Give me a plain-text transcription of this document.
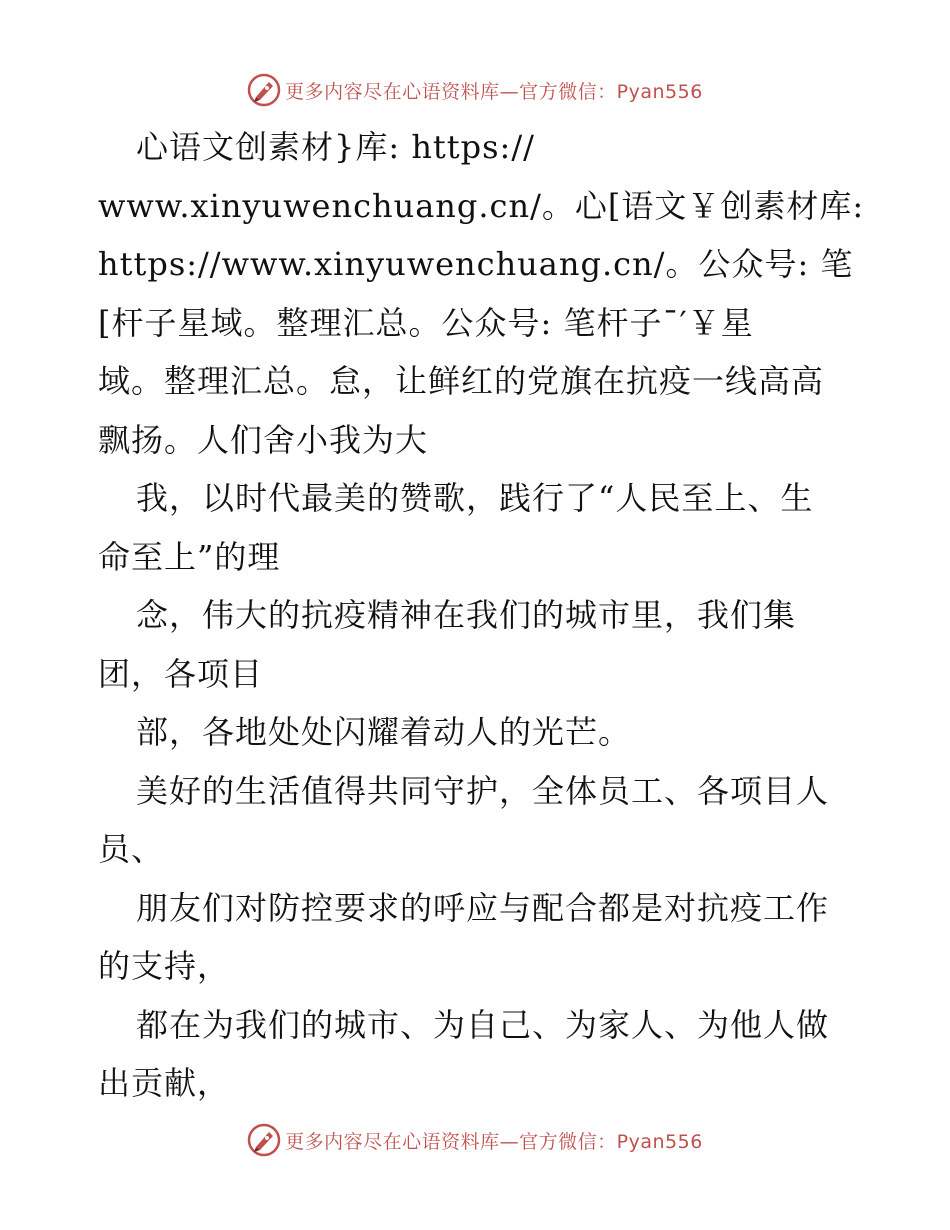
更多内容尽在心语资料库—官方微信：Pyan556
心语文创素材}库: https://
www.xinyuwenchuang.cn/。心[语文￥创素材库:
https://www.xinyuwenchuang.cn/。公众号: 笔
[杆子星域。整理汇总。公众号: 笔杆子¯′￥星
域。整理汇总。怠，让鲜红的党旗在抗疫一线高高
飘扬。人们舍小我为大
我，以时代最美的赞歌，践行了“人民至上、生
命至上”的理
念，伟大的抗疫精神在我们的城市里，我们集
团，各项目
部，各地处处闪耀着动人的光芒。
美好的生活值得共同守护，全体员工、各项目人
员、
朋友们对防控要求的呼应与配合都是对抗疫工作
的支持，
都在为我们的城市、为自己、为家人、为他人做
出贡献，
更多内容尽在心语资料库—官方微信：Pyan556
